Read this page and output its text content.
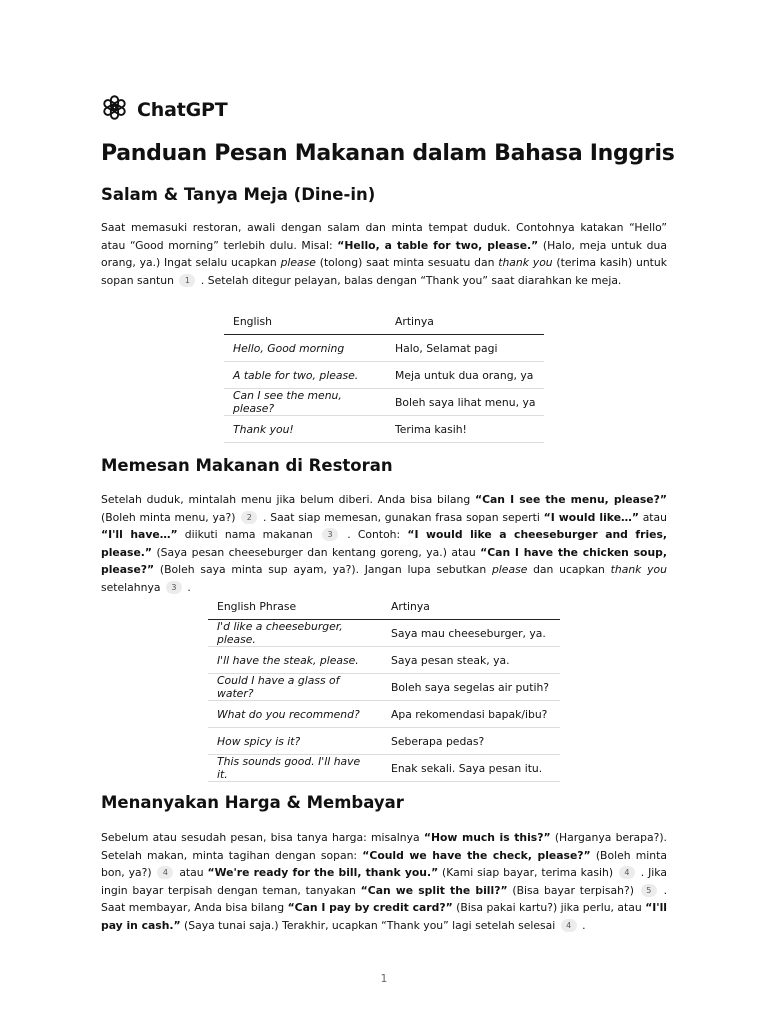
ChatGPT
Panduan Pesan Makanan dalam Bahasa Inggris
Salam & Tanya Meja (Dine-in)

Saat memasuki restoran, awali dengan salam dan minta tempat duduk. Contohnya katakan “Hello” atau “Good morning” terlebih dulu. Misal: “Hello, a table for two, please.” (Halo, meja untuk dua orang, ya.) Ingat selalu ucapkan please (tolong) saat minta sesuatu dan thank you (terima kasih) untuk sopan santun 1 . Setelah ditegur pelayan, balas dengan “Thank you” saat diarahkan ke meja.

English	Artinya
Hello, Good morning	Halo, Selamat pagi
A table for two, please.	Meja untuk dua orang, ya
Can I see the menu, please?	Boleh saya lihat menu, ya
Thank you!	Terima kasih!
Memesan Makanan di Restoran

Setelah duduk, mintalah menu jika belum diberi. Anda bisa bilang “Can I see the menu, please?” (Boleh minta menu, ya?) 2 . Saat siap memesan, gunakan frasa sopan seperti “I would like…” atau “I'll have…” diikuti nama makanan 3 . Contoh: “I would like a cheeseburger and fries, please.” (Saya pesan cheeseburger dan kentang goreng, ya.) atau “Can I have the chicken soup, please?” (Boleh saya minta sup ayam, ya?). Jangan lupa sebutkan please dan ucapkan thank you setelahnya 3 .

English Phrase	Artinya
I'd like a cheeseburger, please.	Saya mau cheeseburger, ya.
I'll have the steak, please.	Saya pesan steak, ya.
Could I have a glass of water?	Boleh saya segelas air putih?
What do you recommend?	Apa rekomendasi bapak/ibu?
How spicy is it?	Seberapa pedas?
This sounds good. I'll have it.	Enak sekali. Saya pesan itu.
Menanyakan Harga & Membayar

Sebelum atau sesudah pesan, bisa tanya harga: misalnya “How much is this?” (Harganya berapa?). Setelah makan, minta tagihan dengan sopan: “Could we have the check, please?” (Boleh minta bon, ya?) 4 atau “We're ready for the bill, thank you.” (Kami siap bayar, terima kasih) 4 . Jika ingin bayar terpisah dengan teman, tanyakan “Can we split the bill?” (Bisa bayar terpisah?) 5 . Saat membayar, Anda bisa bilang “Can I pay by credit card?” (Bisa pakai kartu?) jika perlu, atau “I'll pay in cash.” (Saya tunai saja.) Terakhir, ucapkan “Thank you” lagi setelah selesai 4 .

1
